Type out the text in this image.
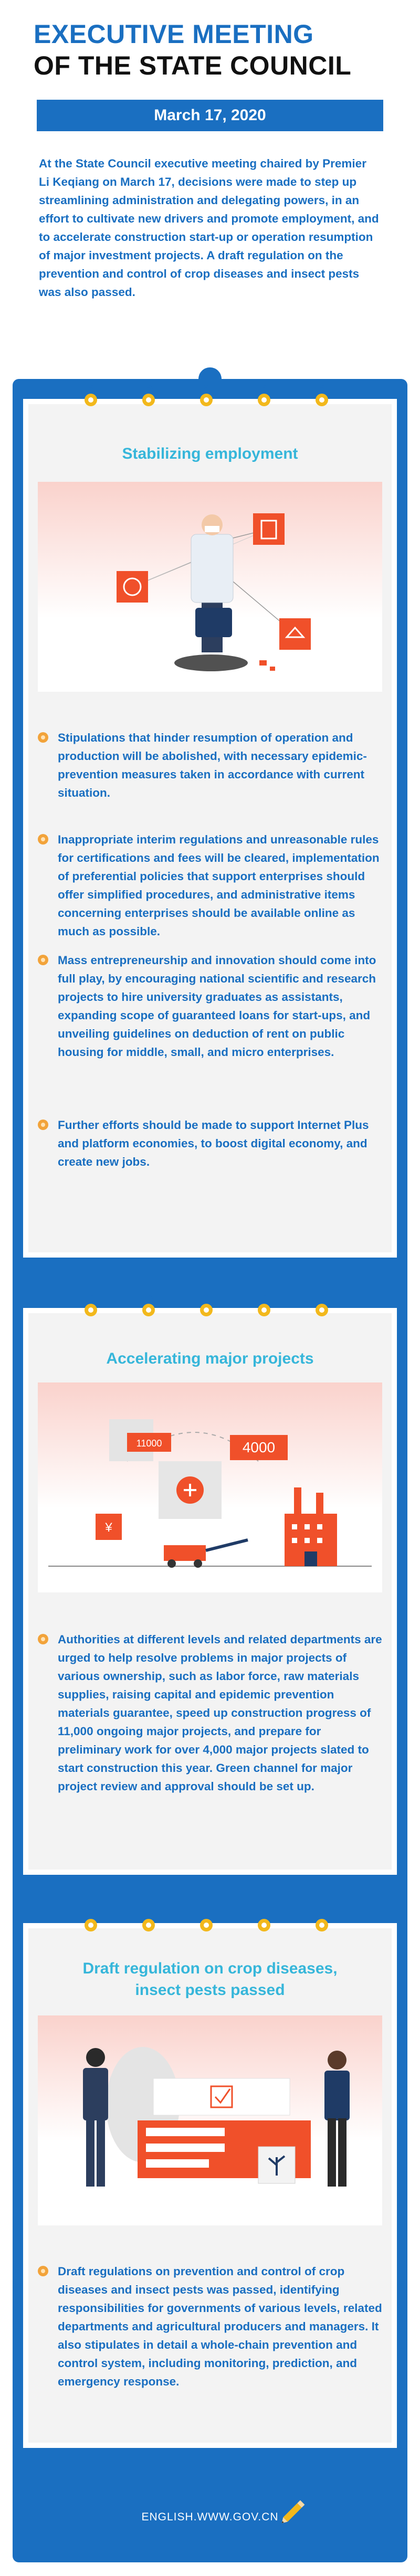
EXECUTIVE MEETING
OF THE STATE COUNCIL
March 17, 2020
At the State Council executive meeting chaired by Premier Li Keqiang on March 17, decisions were made to step up streamlining administration and delegating powers, in an effort to cultivate new drivers and promote employment, and to accelerate construction start-up or operation resumption of major investment projects. A draft regulation on the prevention and control of crop diseases and insect pests was also passed.
Stabilizing employment
Stipulations that hinder resumption of operation and production will be abolished, with necessary epidemic-prevention measures taken in accordance with current situation.
Inappropriate interim regulations and unreasonable rules for certifications and fees will be cleared, implementation of preferential policies that support enterprises should offer simplified procedures, and administrative items concerning enterprises should be available online as much as possible.
Mass entrepreneurship and innovation should come into full play, by encouraging national scientific and research projects to hire university graduates as assistants, expanding scope of guaranteed loans for start-ups, and unveiling guidelines on deduction of rent on public housing for middle, small, and micro enterprises.
Further efforts should be made to support Internet Plus and platform economies, to boost digital economy, and create new jobs.
Accelerating major projects
11000	4000
¥
Authorities at different levels and related departments are urged to help resolve problems in major projects of various ownership, such as labor force, raw materials supplies, raising capital and epidemic prevention materials guarantee, speed up construction progress of 11,000 ongoing major projects, and prepare for preliminary work for over 4,000 major projects slated to start construction this year. Green channel for major project review and approval should be set up.
Draft regulation on crop diseases,
insect pests passed
Draft regulations on prevention and control of crop diseases and insect pests was passed, identifying responsibilities for governments of various levels, related departments and agricultural producers and managers. It also stipulates in detail a whole-chain prevention and control system, including monitoring, prediction, and emergency response.
ENGLISH.WWW.GOV.CN
